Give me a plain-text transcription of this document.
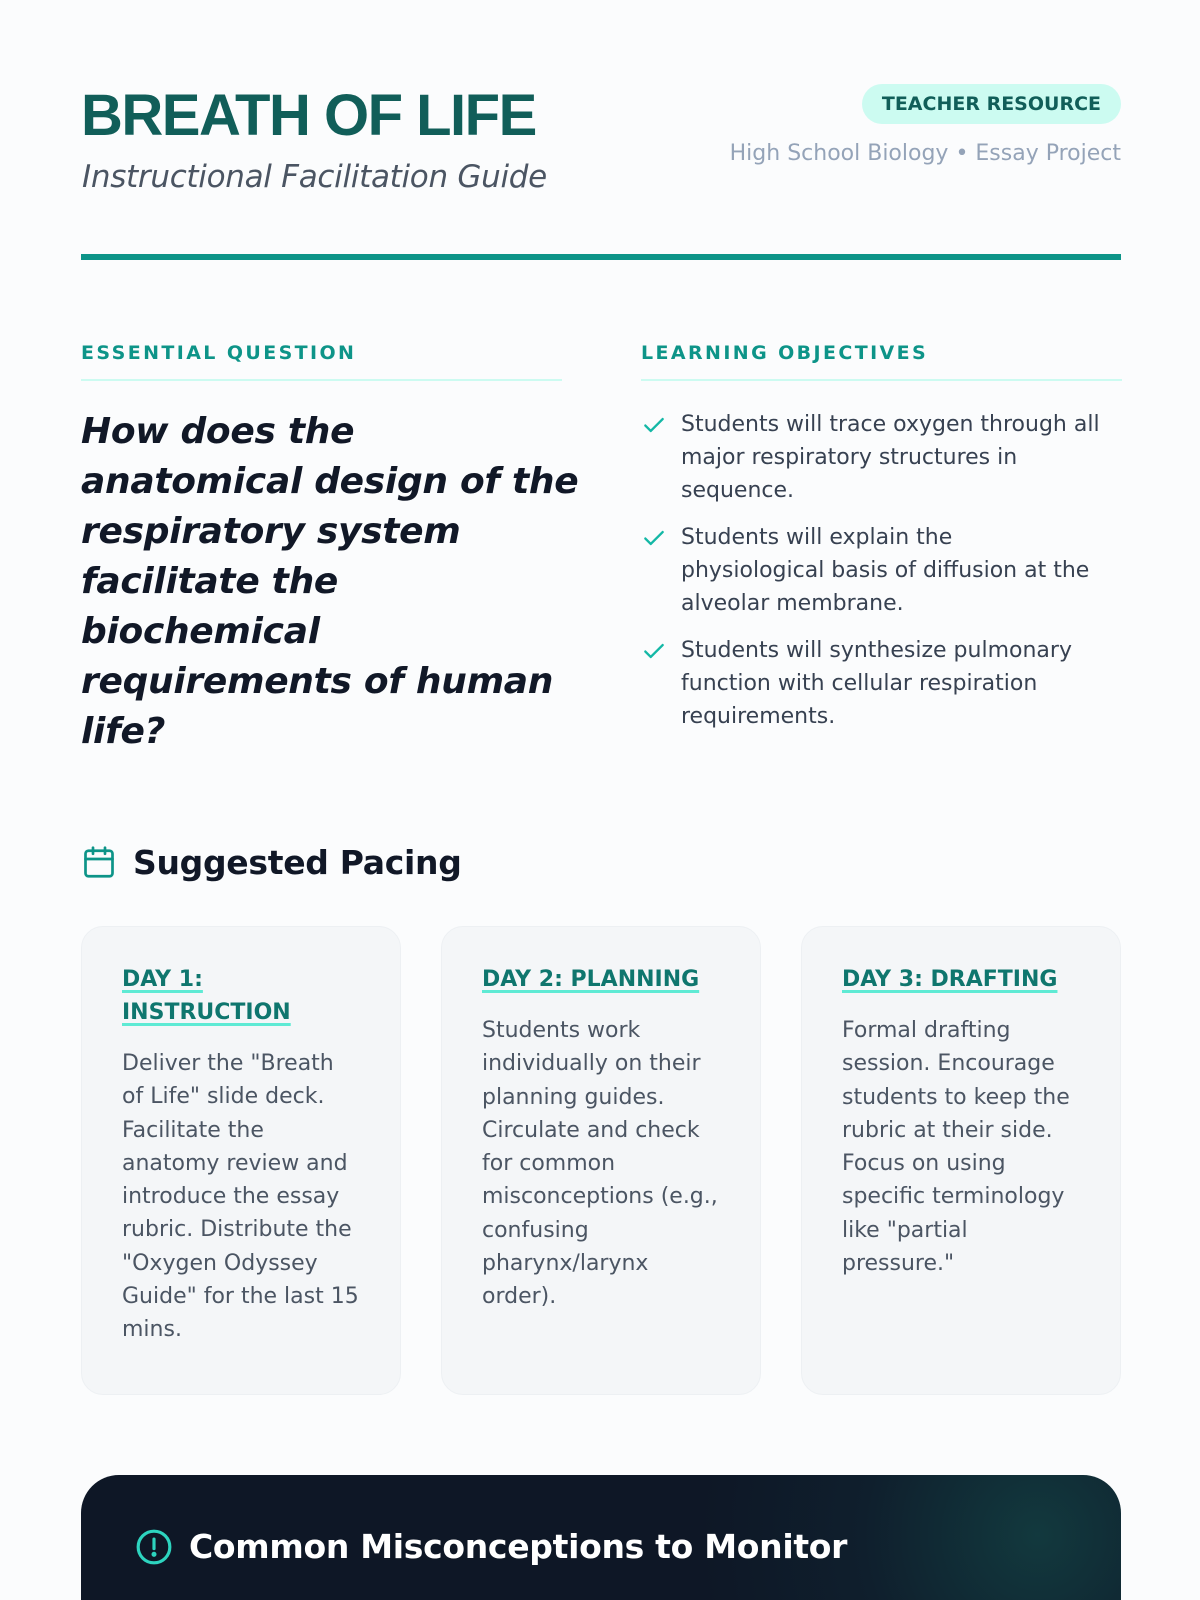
BREATH OF LIFE
Instructional Facilitation Guide
TEACHER RESOURCE
High School Biology • Essay Project
ESSENTIAL QUESTION
How does the anatomical design of the respiratory system facilitate the biochemical requirements of human life?
LEARNING OBJECTIVES
Students will trace oxygen through all major respiratory structures in sequence.
Students will explain the physiological basis of diffusion at the alveolar membrane.
Students will synthesize pulmonary function with cellular respiration requirements.
Suggested Pacing
DAY 1: INSTRUCTION

Deliver the "Breath of Life" slide deck. Facilitate the anatomy review and introduce the essay rubric. Distribute the "Oxygen Odyssey Guide" for the last 15 mins.

DAY 2: PLANNING

Students work individually on their planning guides. Circulate and check for common misconceptions (e.g., confusing pharynx/larynx order).

DAY 3: DRAFTING

Formal drafting session. Encourage students to keep the rubric at their side. Focus on using specific terminology like "partial pressure."

Common Misconceptions to Monitor
